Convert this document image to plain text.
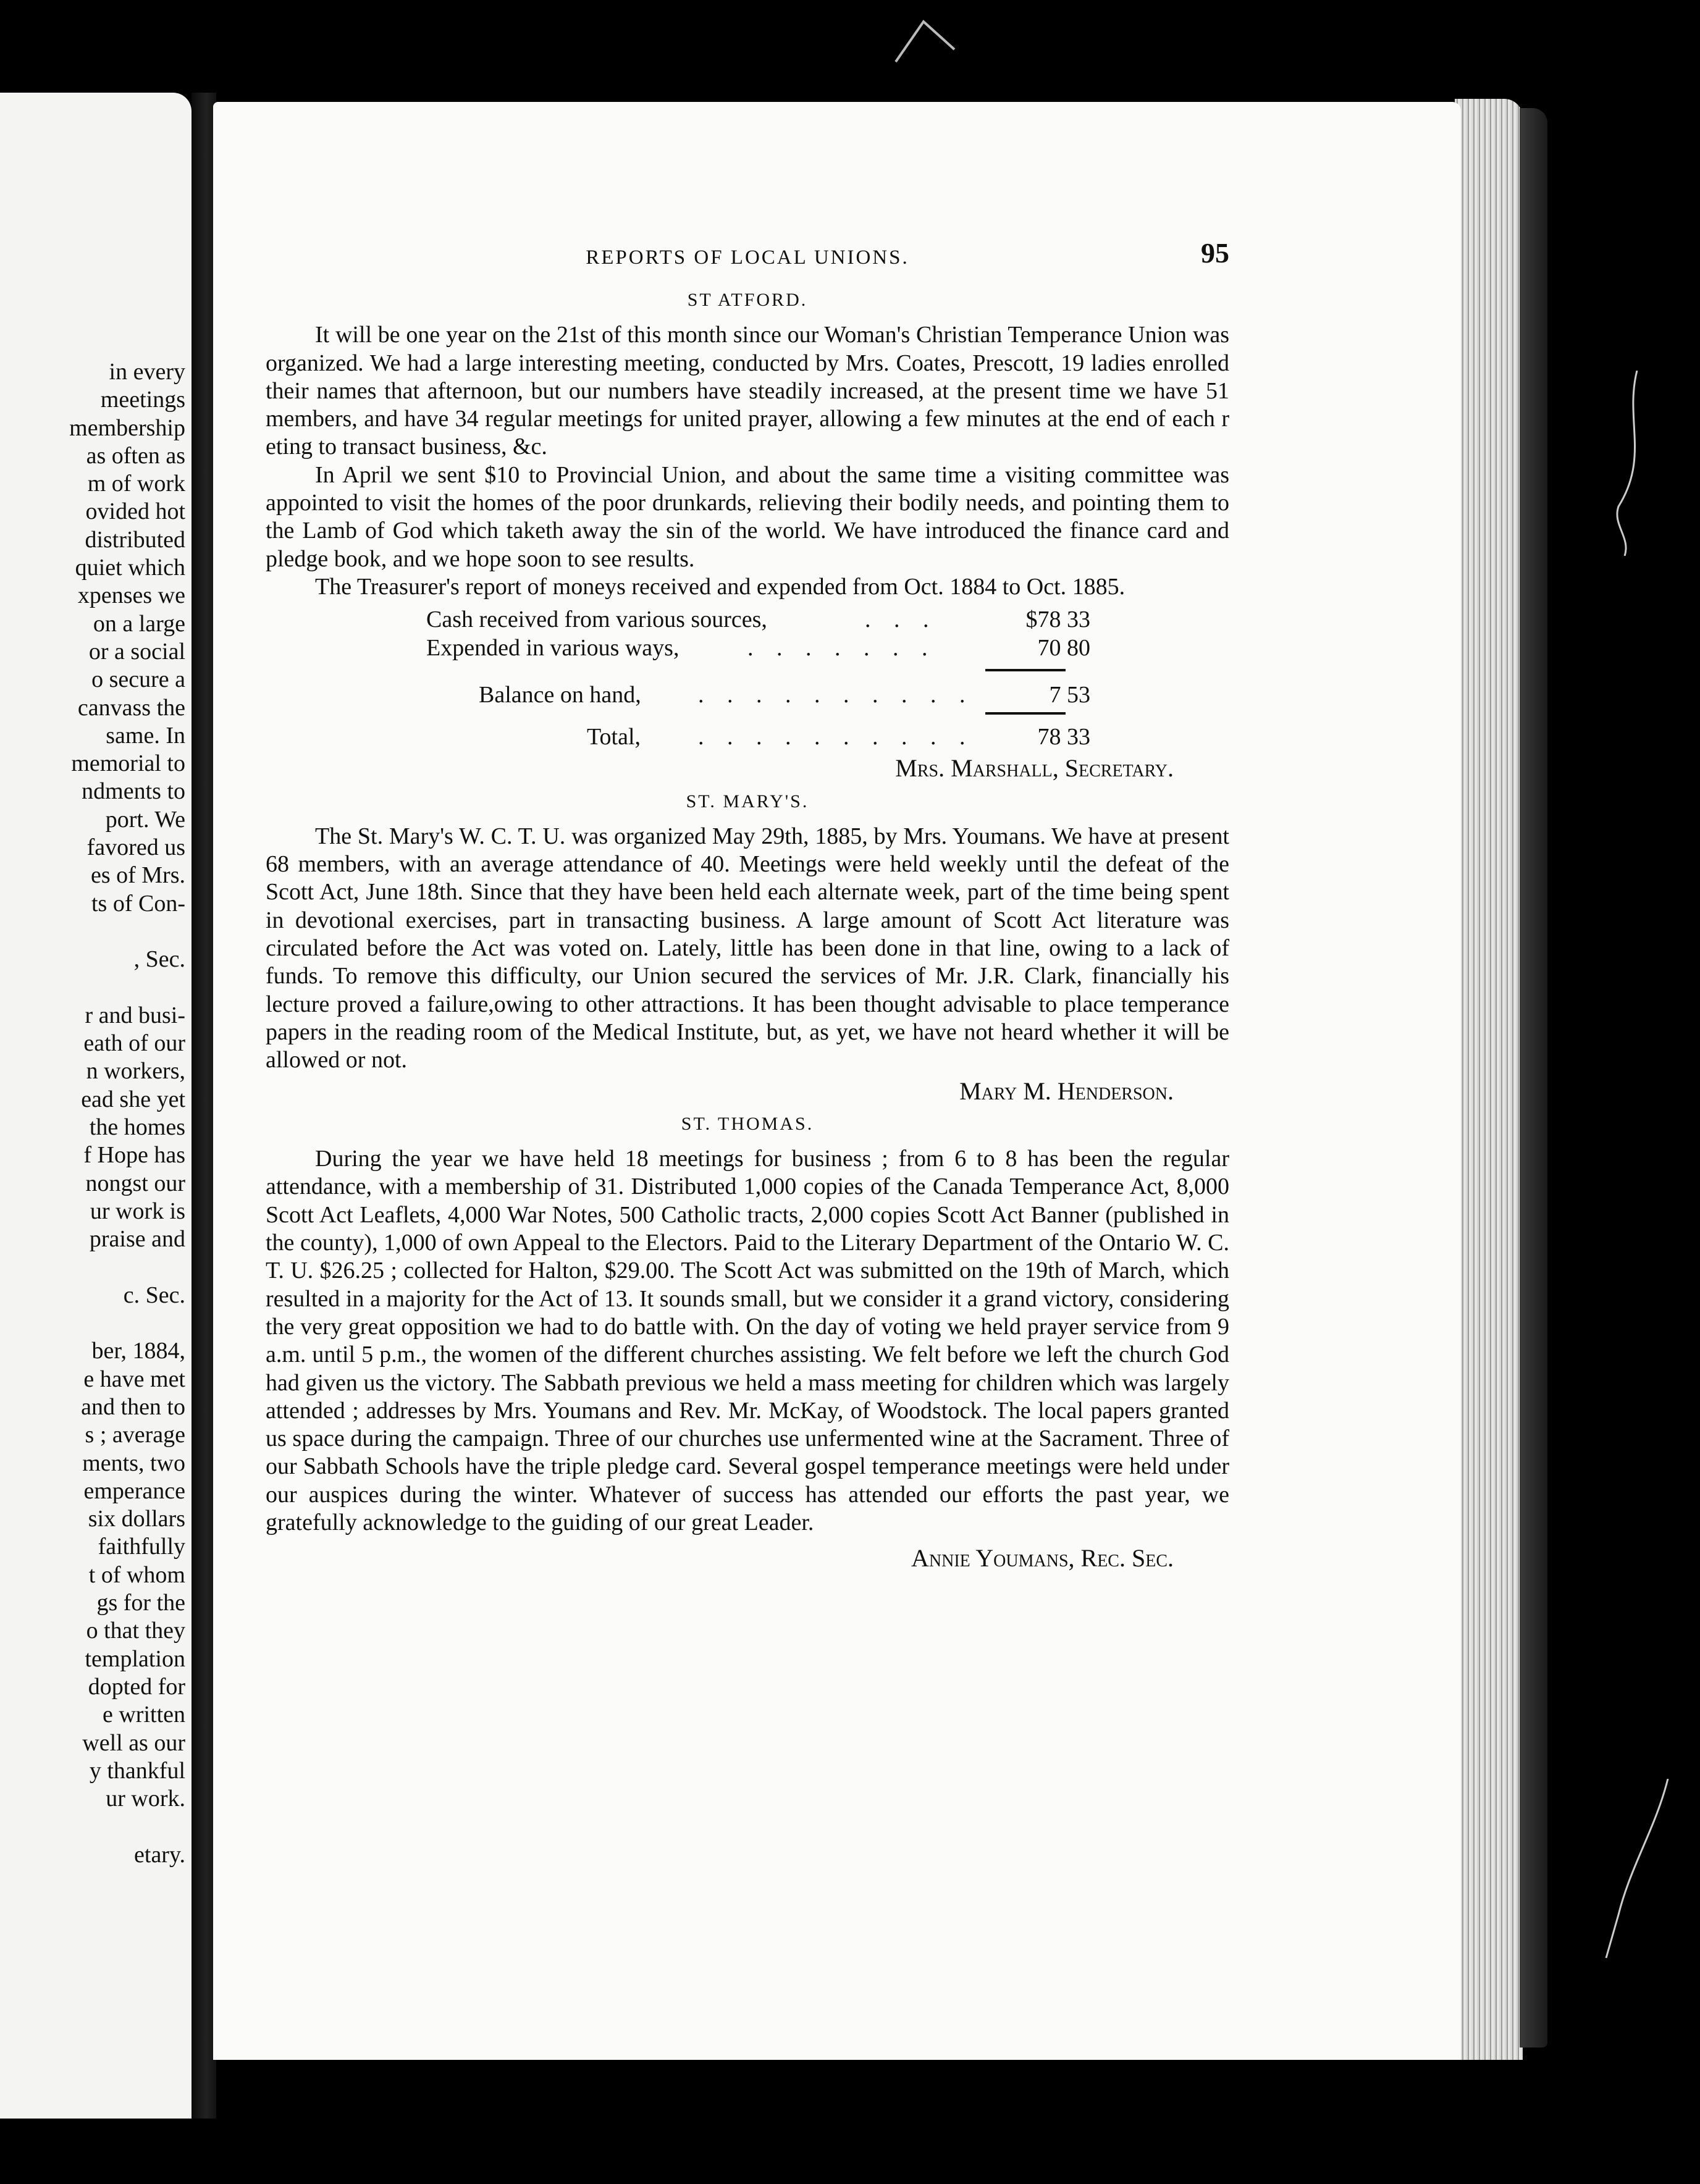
in every
meetings
membership
as often as
m of work
ovided hot
distributed
quiet which
xpenses we
on a large
or a social
o secure a
canvass the
same. In
memorial to
ndments to
port. We
favored us
es of Mrs.
ts of Con-
, Sec.
r and busi-
eath of our
n workers,
ead she yet
the homes
f Hope has
nongst our
ur work is
praise and
c. Sec.
ber, 1884,
e have met
and then to
s ; average
ments, two
emperance
six dollars
faithfully
t of whom
gs for the
o that they
templation
dopted for
e written
well as our
y thankful
ur work.
etary.
REPORTS OF LOCAL UNIONS.	95
ST ATFORD.

It will be one year on the 21st of this month since our Woman's Christian Temperance Union was organized. We had a large interesting meeting, conducted by Mrs. Coates, Prescott, 19 ladies enrolled their names that afternoon, but our numbers have steadily increased, at the present time we have 51 members, and have 34 regular meetings for united prayer, allowing a few minutes at the end of each r eting to transact business, &c.

In April we sent $10 to Provincial Union, and about the same time a visiting committee was appointed to visit the homes of the poor drunkards, relieving their bodily needs, and pointing them to the Lamb of God which taketh away the sin of the world. We have introduced the finance card and pledge book, and we hope soon to see results.

The Treasurer's report of moneys received and expended from Oct. 1884 to Oct. 1885.

Cash received from various sources,	. . .	$78 33
Expended in various ways,	. . . . . . .	70 80
Balance on hand, . . . . . . . . . .	7 53
Total, . . . . . . . . . .	78 33
Mrs. Marshall, Secretary.
ST. MARY'S.

The St. Mary's W. C. T. U. was organized May 29th, 1885, by Mrs. Youmans. We have at present 68 members, with an average attendance of 40. Meetings were held weekly until the defeat of the Scott Act, June 18th. Since that they have been held each alternate week, part of the time being spent in devotional exercises, part in transacting business. A large amount of Scott Act literature was circulated before the Act was voted on. Lately, little has been done in that line, owing to a lack of funds. To remove this difficulty, our Union secured the services of Mr. J.R. Clark, financially his lecture proved a failure,owing to other attractions. It has been thought advisable to place temperance papers in the reading room of the Medical Institute, but, as yet, we have not heard whether it will be allowed or not.

Mary M. Henderson.
ST. THOMAS.

During the year we have held 18 meetings for business ; from 6 to 8 has been the regular attendance, with a membership of 31. Distributed 1,000 copies of the Canada Temperance Act, 8,000 Scott Act Leaflets, 4,000 War Notes, 500 Catholic tracts, 2,000 copies Scott Act Banner (published in the county), 1,000 of own Appeal to the Electors. Paid to the Literary Department of the Ontario W. C. T. U. $26.25 ; collected for Halton, $29.00. The Scott Act was submitted on the 19th of March, which resulted in a majority for the Act of 13. It sounds small, but we consider it a grand victory, considering the very great opposition we had to do battle with. On the day of voting we held prayer service from 9 a.m. until 5 p.m., the women of the different churches assisting. We felt before we left the church God had given us the victory. The Sabbath previous we held a mass meeting for children which was largely attended ; addresses by Mrs. Youmans and Rev. Mr. McKay, of Woodstock. The local papers granted us space during the campaign. Three of our churches use unfermented wine at the Sacrament. Three of our Sabbath Schools have the triple pledge card. Several gospel temperance meetings were held under our auspices during the winter. Whatever of success has attended our efforts the past year, we gratefully acknowledge to the guiding of our great Leader.

Annie Youmans, Rec. Sec.
